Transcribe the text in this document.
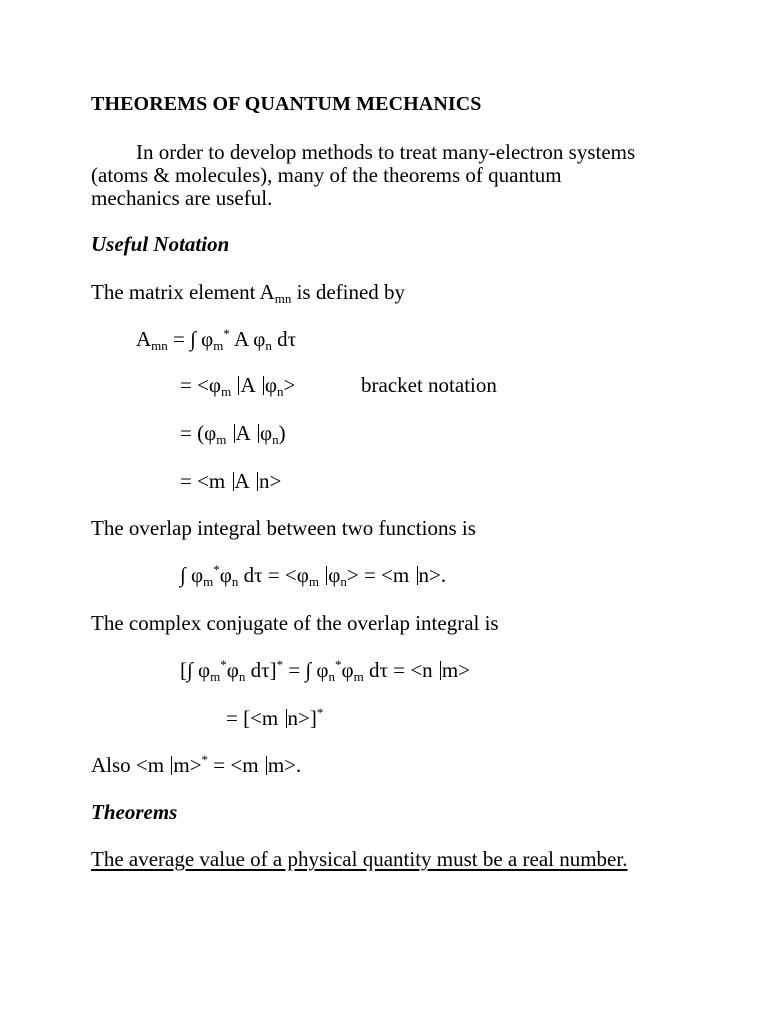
THEOREMS OF QUANTUM MECHANICS
In order to develop methods to treat many-electron systems
(atoms & molecules), many of the theorems of quantum
mechanics are useful.
Useful Notation
The matrix element $A_{mn}$ is defined by
$A_{mn}$ = ∫ $\varphi_m^*$ A $\varphi_n$ dτ
= $<\varphi_m$ A $\varphi_n>$	bracket notation
= ($\varphi_m$ A $\varphi_n$)
= <m A n>
The overlap integral between two functions is
∫ $\varphi_m^*\varphi_n$ $d\tau = <\varphi_m$ $\varphi_n> = <m$ n>.
The complex conjugate of the overlap integral is
[∫ $\varphi_m^*\varphi_n$ dτ]* = ∫ $\varphi_n^*\varphi_m$ dτ = <n m>
= [<m n>]*
Also <m m>* = <m m>.
Theorems
The average value of a physical quantity must be a real number.
